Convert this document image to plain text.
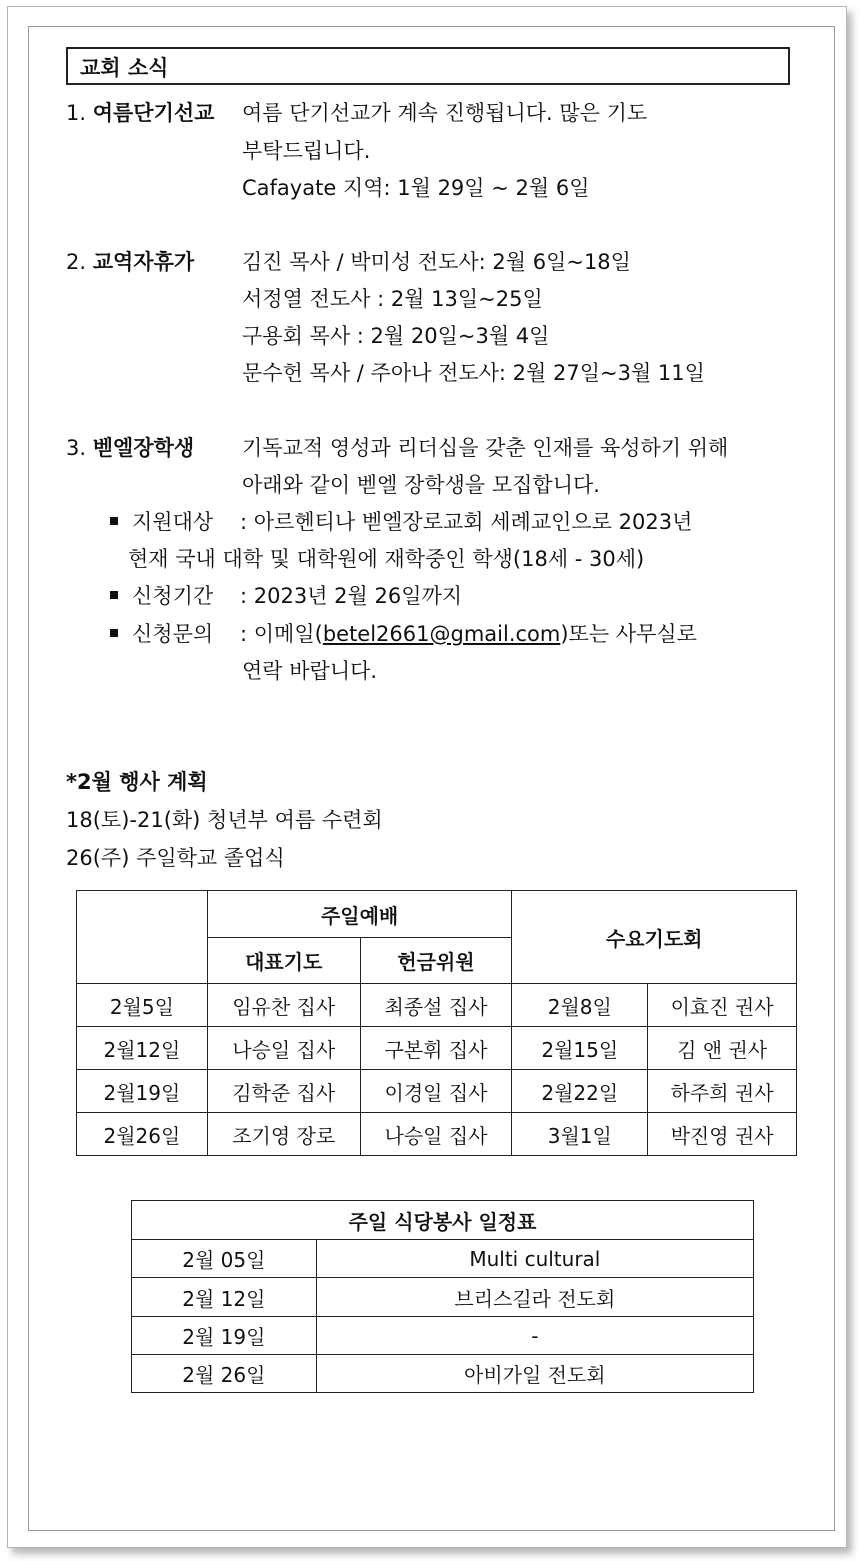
교회 소식
1. 여름단기선교 여름 단기선교가 계속 진행됩니다. 많은 기도
부탁드립니다.
Cafayate 지역: 1월 29일 ~ 2월 6일
2. 교역자휴가 김진 목사 / 박미성 전도사: 2월 6일~18일
서정열 전도사 : 2월 13일~25일
구용회 목사 : 2월 20일~3월 4일
문수헌 목사 / 주아나 전도사: 2월 27일~3월 11일
3. 벧엘장학생 기독교적 영성과 리더십을 갖춘 인재를 육성하기 위해
아래와 같이 벧엘 장학생을 모집합니다.
지원대상 : 아르헨티나 벧엘장로교회 세례교인으로 2023년
현재 국내 대학 및 대학원에 재학중인 학생(18세 - 30세)
신청기간 : 2023년 2월 26일까지
신청문의 : 이메일(betel2661@gmail.com)또는 사무실로
연락 바랍니다.
*2월 행사 계획
18(토)-21(화) 청년부 여름 수련회
26(주) 주일학교 졸업식
	주일예배		수요기도회	
	대표기도	헌금위원		
2월5일	임유찬 집사	최종설 집사	2월8일	이효진 권사
2월12일	나승일 집사	구본휘 집사	2월15일	김 앤 권사
2월19일	김학준 집사	이경일 집사	2월22일	하주희 권사
2월26일	조기영 장로	나승일 집사	3월1일	박진영 권사
주일 식당봉사 일정표	
2월 05일	Multi cultural
2월 12일	브리스길라 전도회
2월 19일	-
2월 26일	아비가일 전도회
